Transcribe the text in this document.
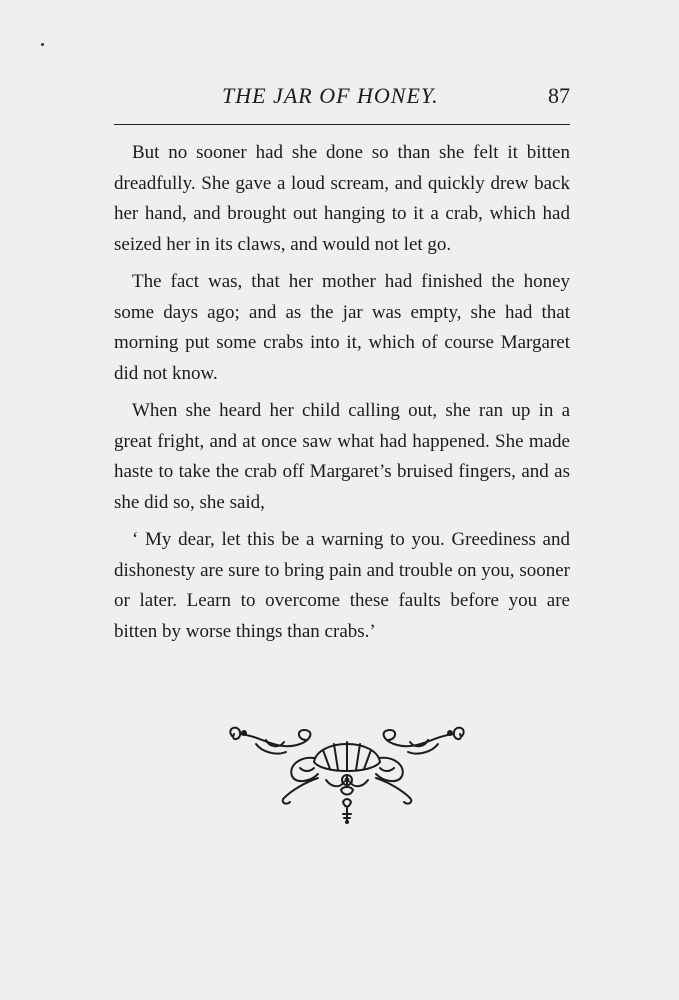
THE JAR OF HONEY.	87

But no sooner had she done so than she felt it bitten dreadfully. She gave a loud scream, and quickly drew back her hand, and brought out hanging to it a crab, which had seized her in its claws, and would not let go.

The fact was, that her mother had finished the honey some days ago; and as the jar was empty, she had that morning put some crabs into it, which of course Margaret did not know.

When she heard her child calling out, she ran up in a great fright, and at once saw what had happened. She made haste to take the crab off Margaret’s bruised fingers, and as she did so, she said,

‘ My dear, let this be a warning to you. Greediness and dishonesty are sure to bring pain and trouble on you, sooner or later. Learn to overcome these faults before you are bitten by worse things than crabs.’
